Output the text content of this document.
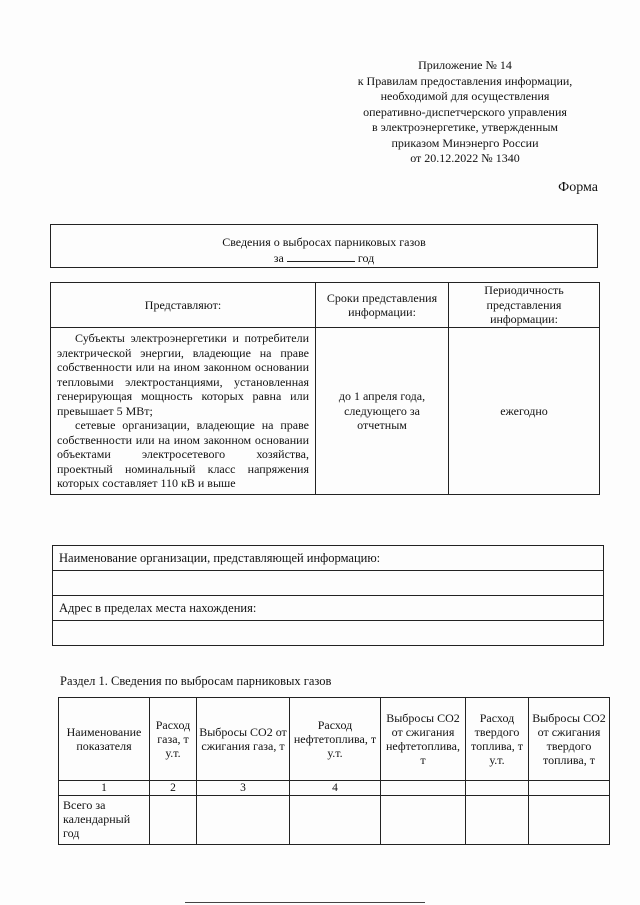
Приложение № 14
к Правилам предоставления информации,
необходимой для осуществления
оперативно-диспетчерского управления
в электроэнергетике, утвержденным
приказом Минэнерго России
от 20.12.2022 № 1340
Форма
Сведения о выбросах парниковых газов
за	год
Представляют:	Сроки представления информации:	Периодичность представления информации:

Субъекты электроэнергетики и потребители электрической энергии, владеющие на праве собственности или на ином законном основании тепловыми электростанциями, установленная генерирующая мощность которых равна или превышает 5 МВт;
сетевые организации, владеющие на праве собственности или на ином законном основании объектами электросетевого хозяйства, проектный номинальный класс напряжения которых составляет 110 кВ и выше	до 1 апреля года, следующего за отчетным	ежегодно
Наименование организации, представляющей информацию:

Адрес в пределах места нахождения:

Раздел 1. Сведения по выбросам парниковых газов
Наименование показателя	Расход газа, т у.т.	Выбросы CO2 от сжигания газа, т	Расход нефтетоплива, т у.т.	Выбросы CO2 от сжигания нефтетоплива, т	Расход твердого топлива, т у.т.	Выбросы CO2 от сжигания твердого топлива, т
1	2	3	4			
Всего за календарный год						
